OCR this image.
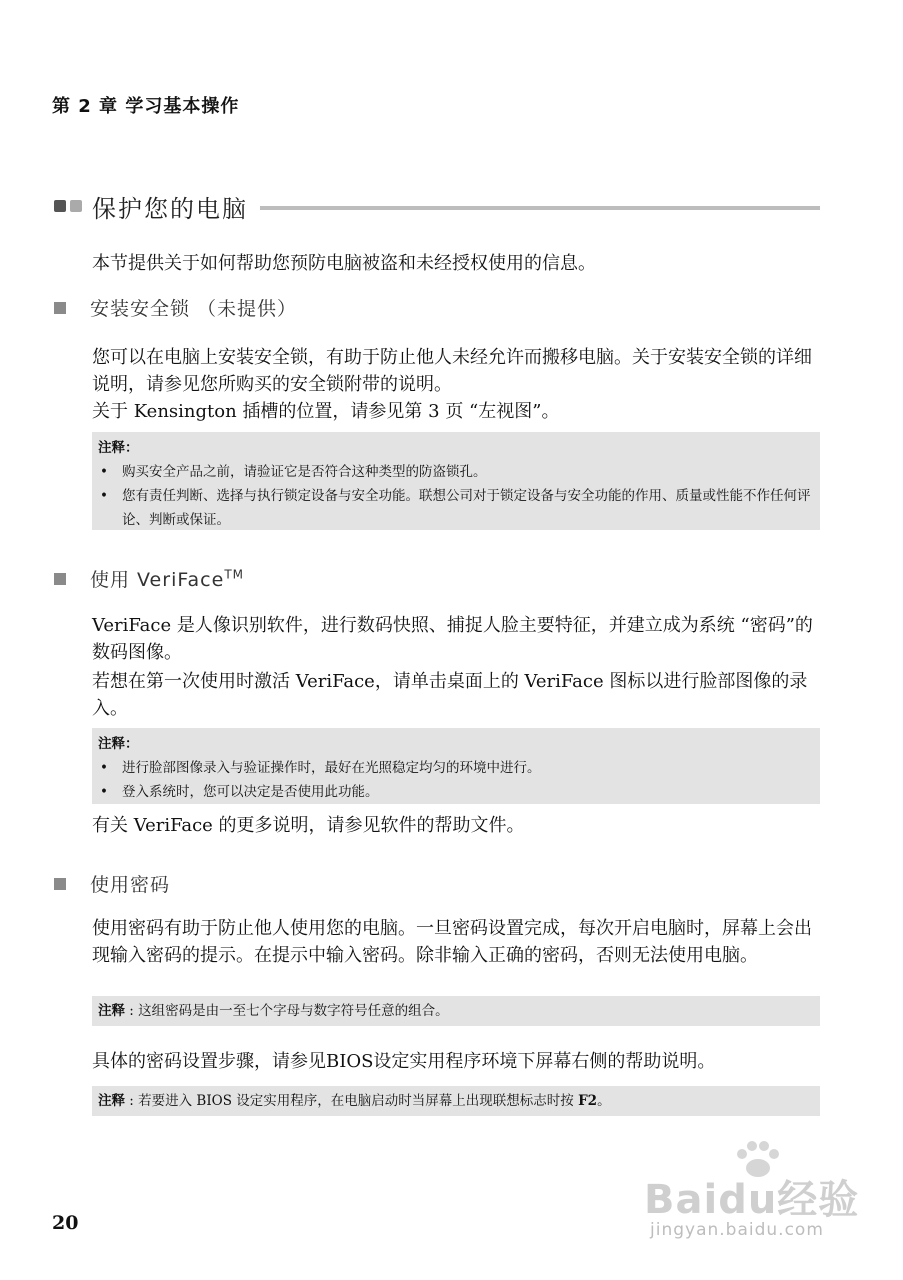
第 2 章 学习基本操作
保护您的电脑
本节提供关于如何帮助您预防电脑被盗和未经授权使用的信息。
安装安全锁 （未提供）
您可以在电脑上安装安全锁，有助于防止他人未经允许而搬移电脑。关于安装安全锁的详细说明，请参见您所购买的安全锁附带的说明。
关于 Kensington 插槽的位置，请参见第 3 页 “左视图”。
注释：
• 购买安全产品之前，请验证它是否符合这种类型的防盗锁孔。
• 您有责任判断、选择与执行锁定设备与安全功能。联想公司对于锁定设备与安全功能的作用、质量或性能不作任何评论、判断或保证。
使用 VeriFace™
VeriFace 是人像识别软件，进行数码快照、捕捉人脸主要特征，并建立成为系统 “密码”的数码图像。
若想在第一次使用时激活 VeriFace，请单击桌面上的 VeriFace 图标以进行脸部图像的录入。
注释：
• 进行脸部图像录入与验证操作时，最好在光照稳定均匀的环境中进行。
• 登入系统时，您可以决定是否使用此功能。
有关 VeriFace 的更多说明，请参见软件的帮助文件。
使用密码
使用密码有助于防止他人使用您的电脑。一旦密码设置完成，每次开启电脑时，屏幕上会出现输入密码的提示。在提示中输入密码。除非输入正确的密码，否则无法使用电脑。
注释 : 这组密码是由一至七个字母与数字符号任意的组合。
具体的密码设置步骤，请参见BIOS设定实用程序环境下屏幕右侧的帮助说明。
注释 : 若要进入 BIOS 设定实用程序，在电脑启动时当屏幕上出现联想标志时按 F2。
20	Baidu经验
jingyan.baidu.com
